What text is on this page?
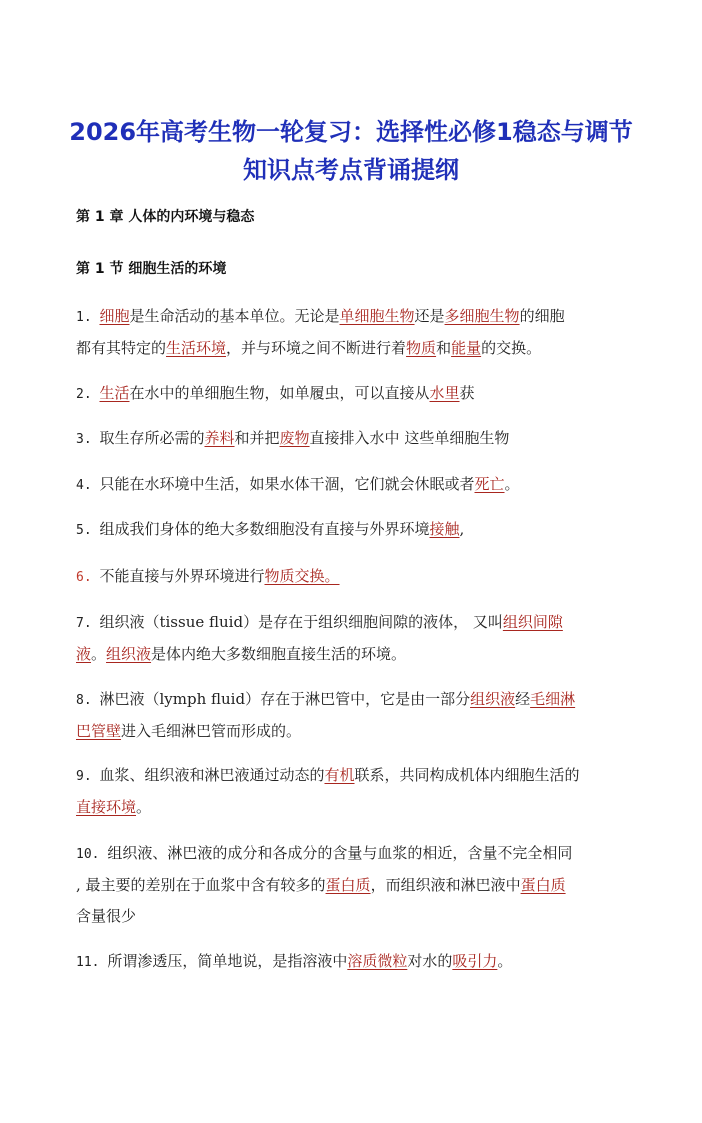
2026年高考生物一轮复习：选择性必修1稳态与调节
知识点考点背诵提纲
第 1 章 人体的内环境与稳态
第 1 节 细胞生活的环境
1. 细胞是生命活动的基本单位。无论是单细胞生物还是多细胞生物的细胞
都有其特定的生活环境，并与环境之间不断进行着物质和能量的交换。
2. 生活在水中的单细胞生物，如单履虫，可以直接从水里获
3. 取生存所必需的养料和并把废物直接排入水中 这些单细胞生物
4. 只能在水环境中生活，如果水体干涸，它们就会休眠或者死亡。
5. 组成我们身体的绝大多数细胞没有直接与外界环境接触,
6. 不能直接与外界环境进行物质交换。
7. 组织液（tissue fluid）是存在于组织细胞间隙的液体， 又叫组织间隙
液。组织液是体内绝大多数细胞直接生活的环境。
8. 淋巴液（lymph fluid）存在于淋巴管中，它是由一部分组织液经毛细淋
巴管壁进入毛细淋巴管而形成的。
9. 血浆、组织液和淋巴液通过动态的有机联系，共同构成机体内细胞生活的
直接环境。
10. 组织液、淋巴液的成分和各成分的含量与血浆的相近，含量不完全相同
, 最主要的差别在于血浆中含有较多的蛋白质，而组织液和淋巴液中蛋白质
含量很少
11. 所谓渗透压，简单地说，是指溶液中溶质微粒对水的吸引力。
